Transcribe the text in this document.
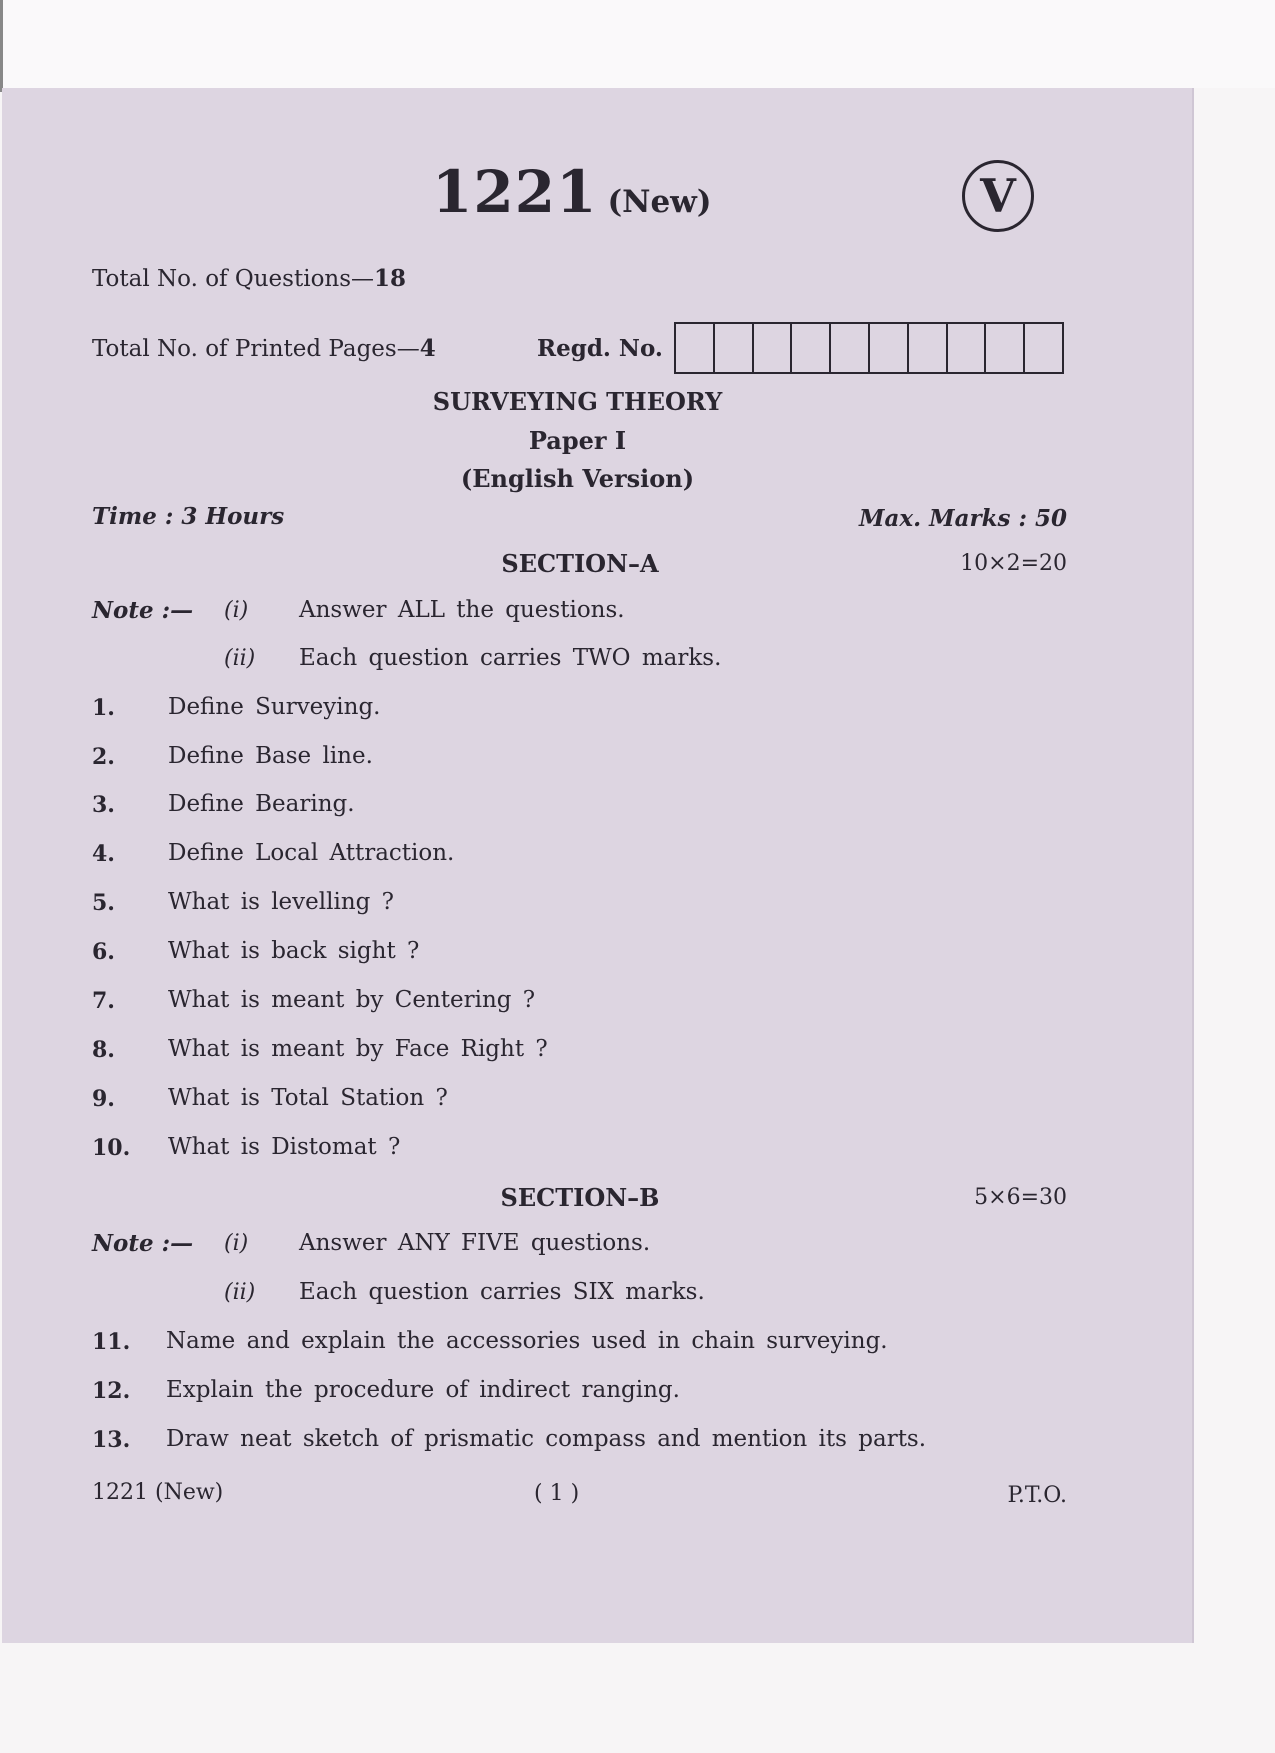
1221 (New)	V
Total No. of Questions—18
Total No. of Printed Pages—4	Regd. No.
SURVEYING THEORY
Paper I
(English Version)
Time : 3 Hours	Max. Marks : 50
SECTION–A	10×2=20
Note :— (i) Answer ALL the questions.
(ii) Each question carries TWO marks.
1. Define Surveying.
2. Define Base line.
3. Define Bearing.
4. Define Local Attraction.
5. What is levelling ?
6. What is back sight ?
7. What is meant by Centering ?
8. What is meant by Face Right ?
9. What is Total Station ?
10. What is Distomat ?
SECTION–B	5×6=30
Note :— (i) Answer ANY FIVE questions.
(ii) Each question carries SIX marks.
11. Name and explain the accessories used in chain surveying.
12. Explain the procedure of indirect ranging.
13. Draw neat sketch of prismatic compass and mention its parts.
1221 (New)	( 1 )	P.T.O.
